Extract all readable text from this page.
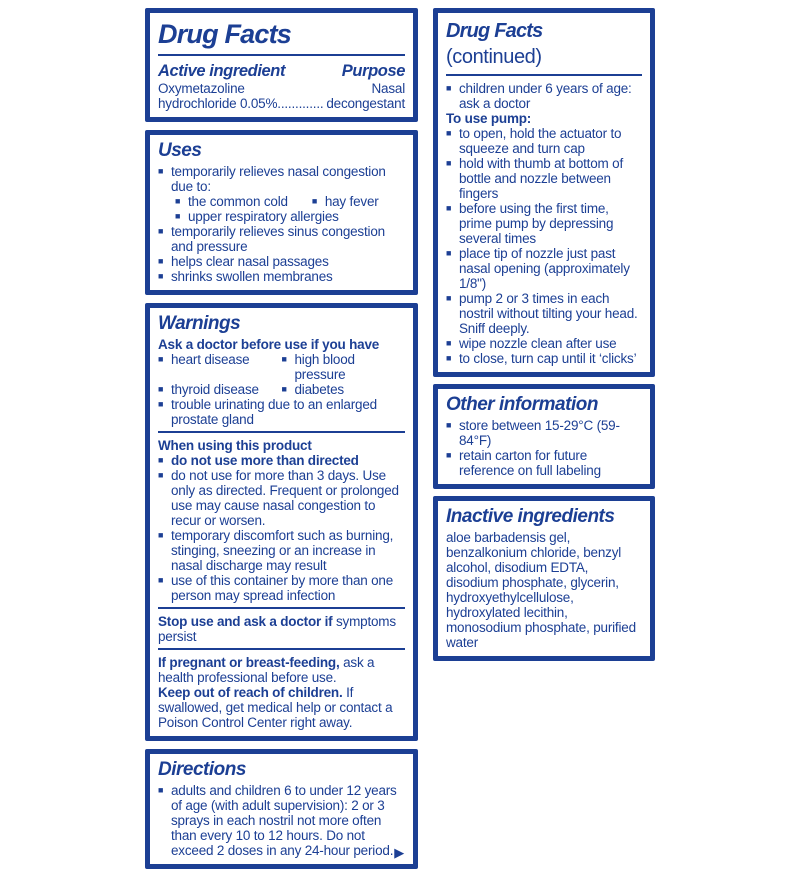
Drug Facts
Active ingredient	Purpose
Oxymetazoline	Nasal
hydrochloride 0.05% ............. decongestant
Uses
■ temporarily relieves nasal congestion due to:
■ the common cold	■ hay fever
■ upper respiratory allergies
■ temporarily relieves sinus congestion and pressure
■ helps clear nasal passages
■ shrinks swollen membranes
Warnings
Ask a doctor before use if you have
■ heart disease	■ high blood pressure
■ thyroid disease	■ diabetes
■ trouble urinating due to an enlarged prostate gland
When using this product
■ do not use more than directed
■ do not use for more than 3 days. Use only as directed. Frequent or prolonged use may cause nasal congestion to recur or worsen.
■ temporary discomfort such as burning, stinging, sneezing or an increase in nasal discharge may result
■ use of this container by more than one person may spread infection
Stop use and ask a doctor if symptoms persist
If pregnant or breast-feeding, ask a health professional before use.
Keep out of reach of children. If swallowed, get medical help or contact a Poison Control Center right away.
Directions
■ adults and children 6 to under 12 years of age (with adult supervision): 2 or 3 sprays in each nostril not more often than every 10 to 12 hours. Do not exceed 2 doses in any 24-hour period. ▶
Drug Facts (continued)
■ children under 6 years of age: ask a doctor
To use pump:
■ to open, hold the actuator to squeeze and turn cap
■ hold with thumb at bottom of bottle and nozzle between fingers
■ before using the first time, prime pump by depressing several times
■ place tip of nozzle just past nasal opening (approximately 1/8")
■ pump 2 or 3 times in each nostril without tilting your head. Sniff deeply.
■ wipe nozzle clean after use
■ to close, turn cap until it ‘clicks’
Other information
■ store between 15-29°C (59-84°F)
■ retain carton for future reference on full labeling
Inactive ingredients
aloe barbadensis gel, benzalkonium chloride, benzyl alcohol, disodium EDTA, disodium phosphate, glycerin, hydroxyethylcellulose, hydroxylated lecithin, monosodium phosphate, purified water
